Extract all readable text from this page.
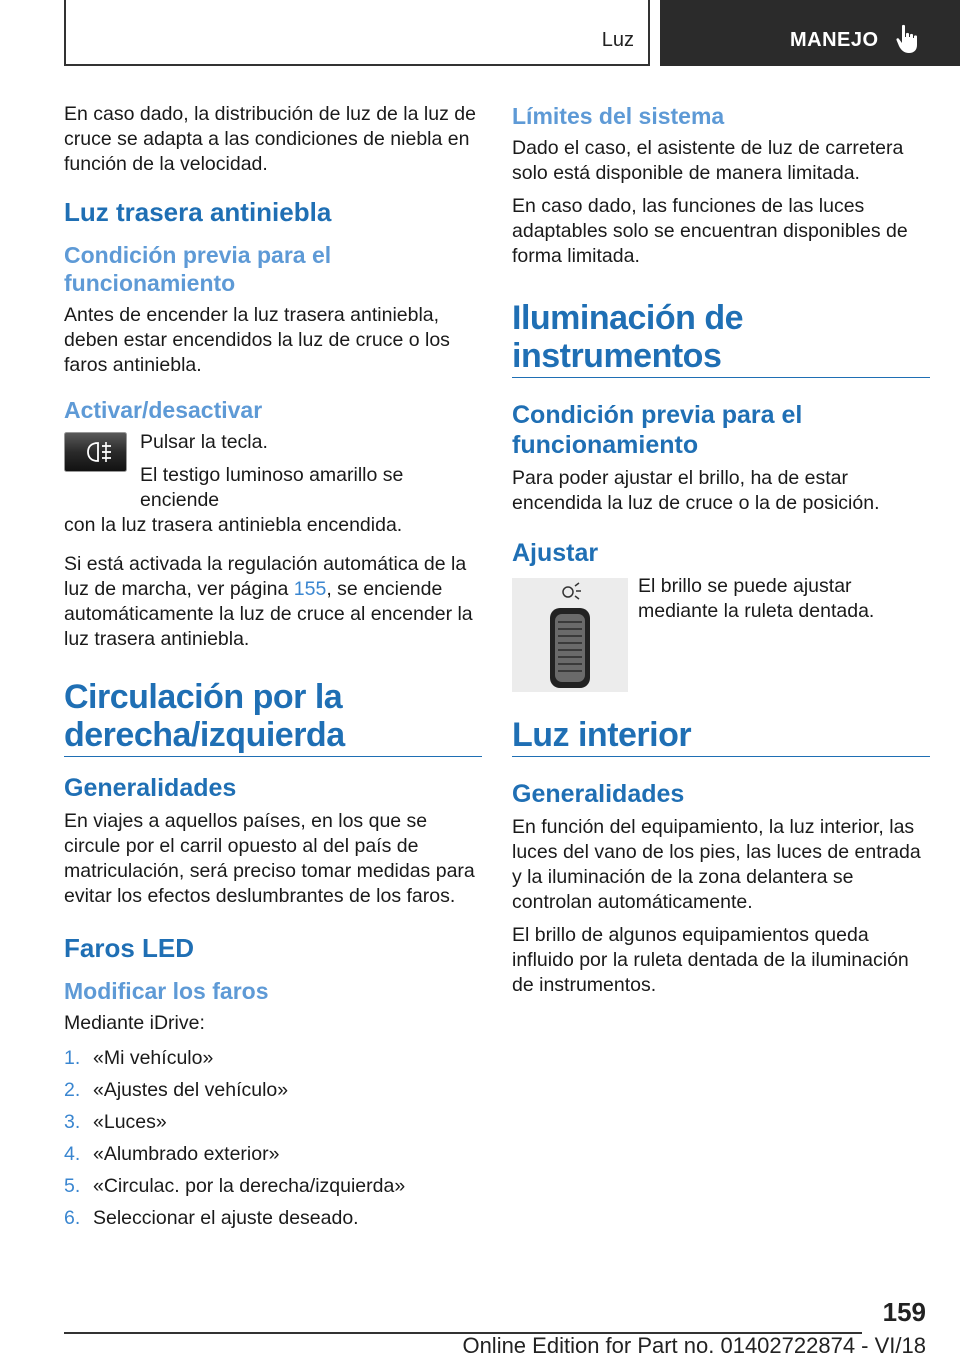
Luz	MANEJO

En caso dado, la distribución de luz de la luz de cruce se adapta a las condiciones de niebla en función de la velocidad.

Luz trasera antiniebla
Condición previa para el funcionamiento

Antes de encender la luz trasera antiniebla, deben estar encendidos la luz de cruce o los faros antiniebla.

Activar/desactivar

Pulsar la tecla.

El testigo luminoso amarillo se enciende

con la luz trasera antiniebla encendida.

Si está activada la regulación automática de la luz de marcha, ver página 155, se enciende automáticamente la luz de cruce al encender la luz trasera antiniebla.

Circulación por la derecha/izquierda
Generalidades

En viajes a aquellos países, en los que se circule por el carril opuesto al del país de matriculación, será preciso tomar medidas para evitar los efectos deslumbrantes de los faros.

Faros LED
Modificar los faros

Mediante iDrive:

1. «Mi vehículo»
2. «Ajustes del vehículo»
3. «Luces»
4. «Alumbrado exterior»
5. «Circulac. por la derecha/izquierda»
6. Seleccionar el ajuste deseado.
Límites del sistema

Dado el caso, el asistente de luz de carretera solo está disponible de manera limitada.

En caso dado, las funciones de las luces adaptables solo se encuentran disponibles de forma limitada.

Iluminación de instrumentos
Condición previa para el funcionamiento

Para poder ajustar el brillo, ha de estar encendida la luz de cruce o la de posición.

Ajustar

El brillo se puede ajustar mediante la ruleta dentada.

Luz interior
Generalidades

En función del equipamiento, la luz interior, las luces del vano de los pies, las luces de entrada y la iluminación de la zona delantera se controlan automáticamente.

El brillo de algunos equipamientos queda influido por la ruleta dentada de la iluminación de instrumentos.

159
Online Edition for Part no. 01402722874 - VI/18
